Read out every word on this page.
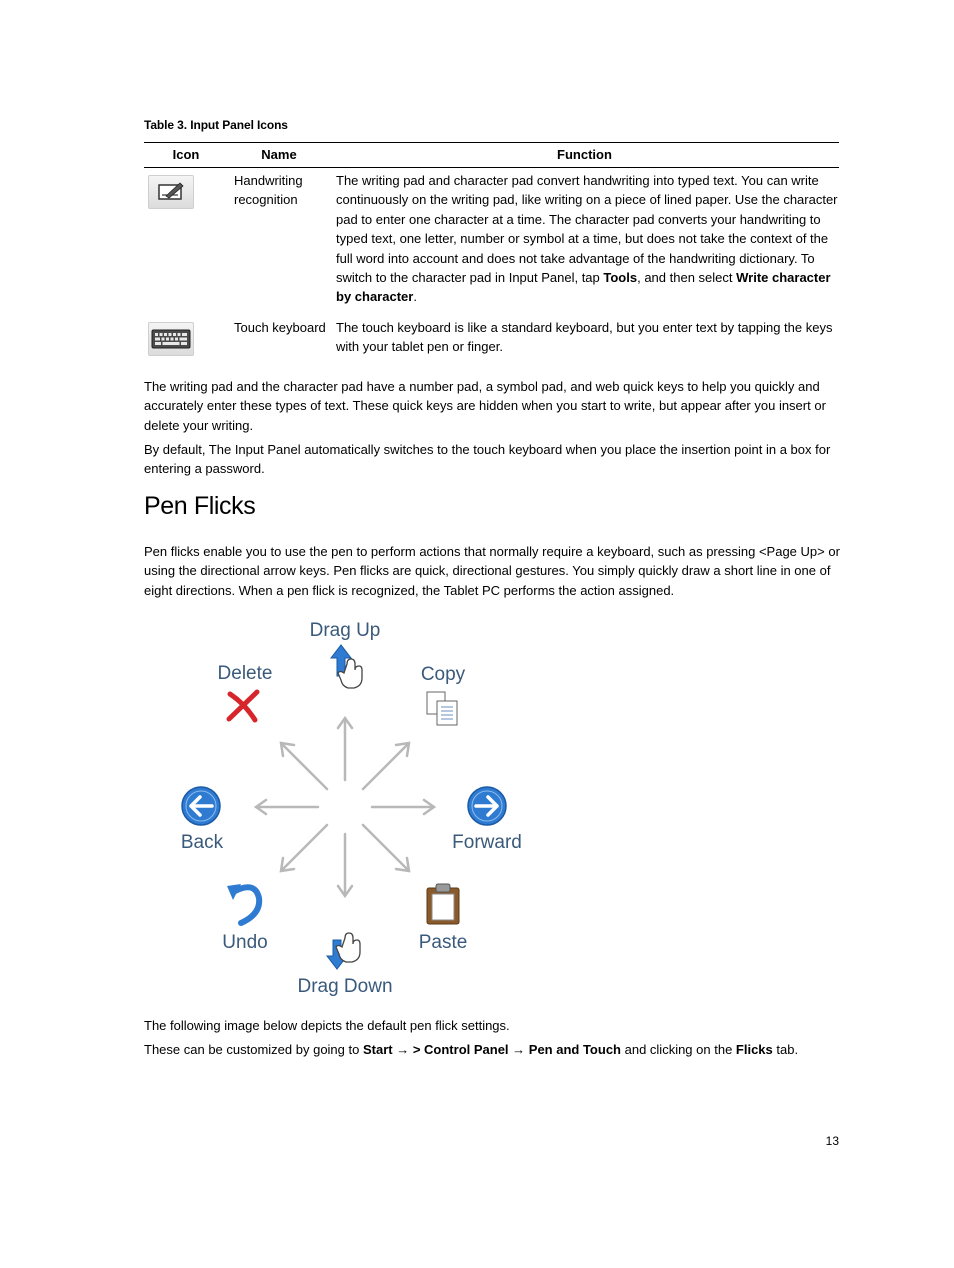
Table 3. Input Panel Icons
Icon	Name	Function

	Handwriting recognition	The writing pad and character pad convert handwriting into typed text. You can write continuously on the writing pad, like writing on a piece of lined paper. Use the character pad to enter one character at a time. The character pad converts your handwriting to typed text, one letter, number or symbol at a time, but does not take the context of the full word into account and does not take advantage of the handwriting dictionary. To switch to the character pad in Input Panel, tap Tools, and then select Write character by character.

	Touch keyboard	The touch keyboard is like a standard keyboard, but you enter text by tapping the keys with your tablet pen or finger.
The writing pad and the character pad have a number pad, a symbol pad, and web quick keys to help you quickly and accurately enter these types of text. These quick keys are hidden when you start to write, but appear after you insert or delete your writing.
By default, The Input Panel automatically switches to the touch keyboard when you place the insertion point in a box for entering a password.
Pen Flicks
Pen flicks enable you to use the pen to perform actions that normally require a keyboard, such as pressing <Page Up> or using the directional arrow keys. Pen flicks are quick, directional gestures. You simply quickly draw a short line in one of eight directions. When a pen flick is recognized, the Tablet PC performs the action assigned.
Drag Up
Delete	Copy
Back	Forward
Undo	Paste
Drag Down
The following image below depicts the default pen flick settings.
These can be customized by going to Start → > Control Panel → Pen and Touch and clicking on the Flicks tab.
13
